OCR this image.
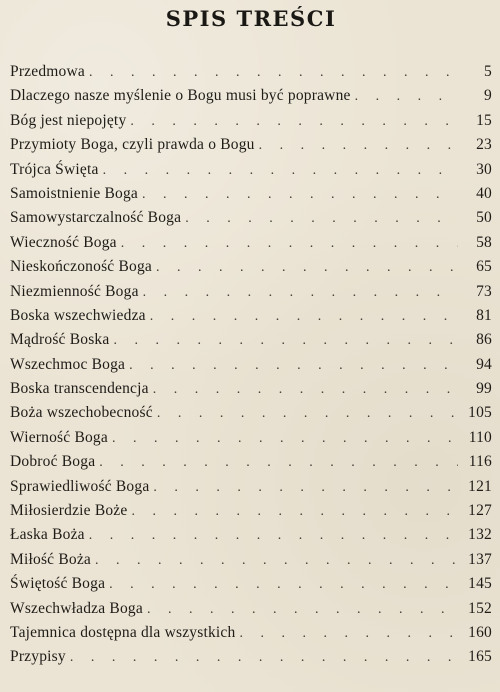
SPIS TREŚCI
Przedmowa . . .	5
Dlaczego nasze myślenie o Bogu musi być poprawne . . .	9
Bóg jest niepojęty . . .	15
Przymioty Boga, czyli prawda o Bogu . . .	23
Trójca Święta . . .	30
Samoistnienie Boga . . .	40
Samowystarczalność Boga . . .	50
Wieczność Boga . . .	58
Nieskończoność Boga . . .	65
Niezmienność Boga . . .	73
Boska wszechwiedza . . .	81
Mądrość Boska . . .	86
Wszechmoc Boga . . .	94
Boska transcendencja . . .	99
Boża wszechobecność . . .	105
Wierność Boga . . .	110
Dobroć Boga . . .	116
Sprawiedliwość Boga . . .	121
Miłosierdzie Boże . . .	127
Łaska Boża . . .	132
Miłość Boża . . .	137
Świętość Boga . . .	145
Wszechwładza Boga . . .	152
Tajemnica dostępna dla wszystkich . . .	160
Przypisy . . .	165
